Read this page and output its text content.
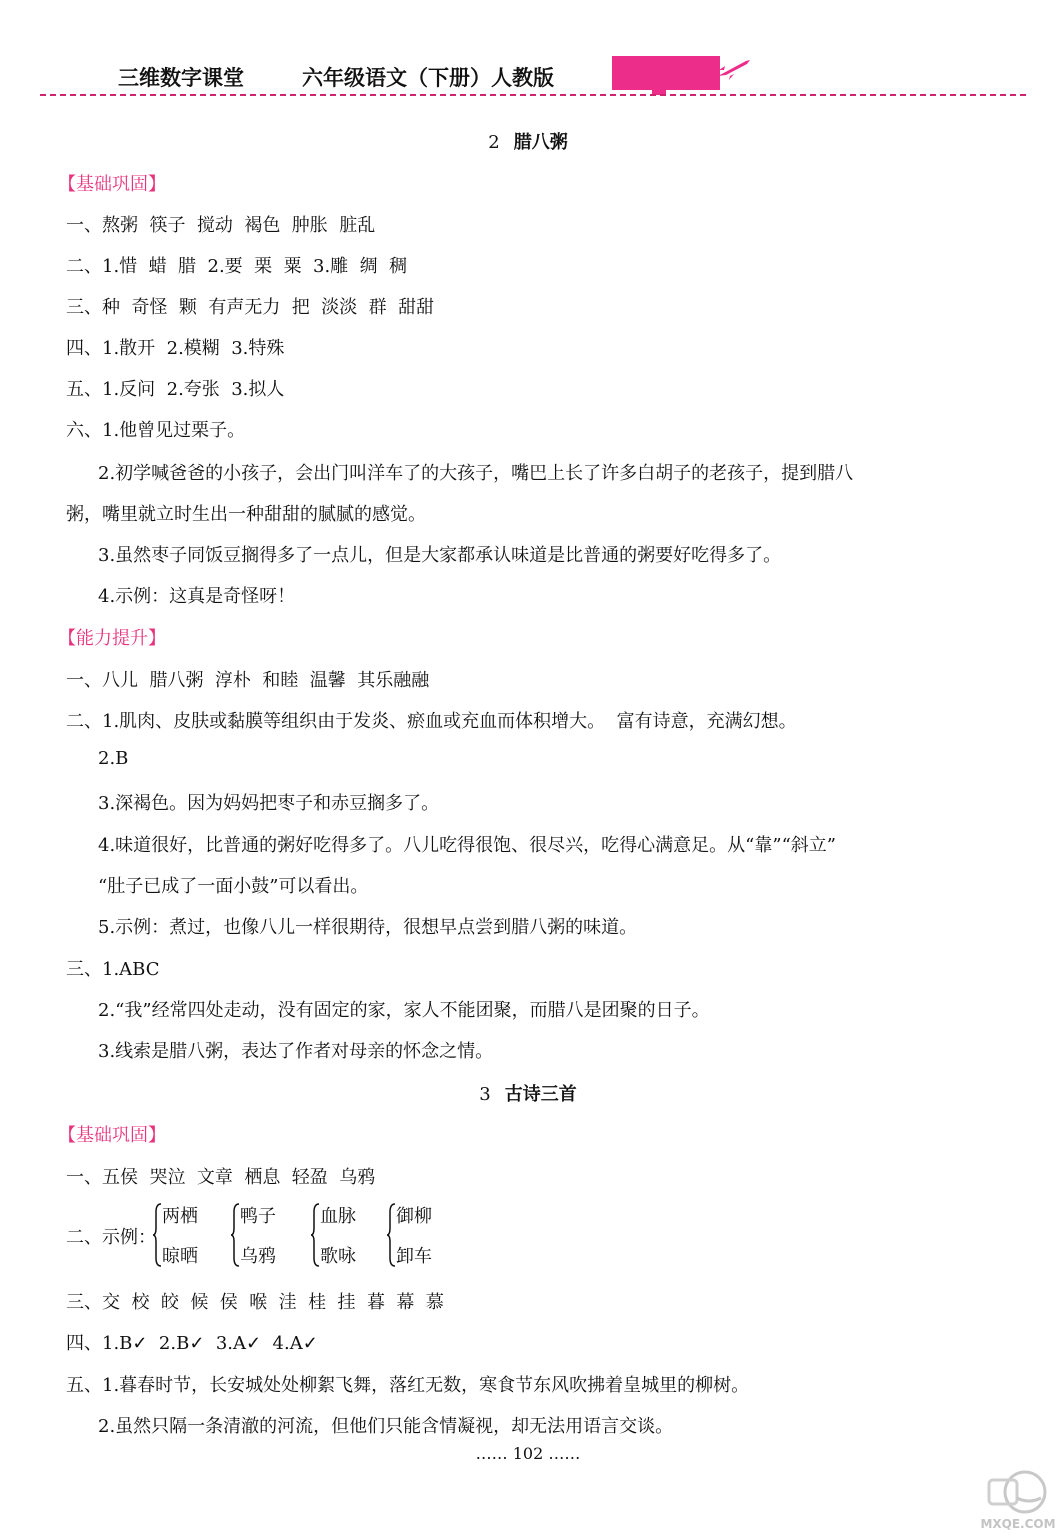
三维数字课堂	六年级语文（下册）人教版
2 腊八粥
【基础巩固】
一、熬粥  筷子  搅动  褐色  肿胀  脏乱
二、1.惜  蜡  腊  2.要  栗  粟  3.雕  绸  稠
三、种  奇怪  颗  有声无力  把  淡淡  群  甜甜
四、1.散开  2.模糊  3.特殊
五、1.反问  2.夸张  3.拟人
六、1.他曾见过栗子。
2.初学喊爸爸的小孩子，会出门叫洋车了的大孩子，嘴巴上长了许多白胡子的老孩子，提到腊八
粥，嘴里就立时生出一种甜甜的腻腻的感觉。
3.虽然枣子同饭豆搁得多了一点儿，但是大家都承认味道是比普通的粥要好吃得多了。
4.示例：这真是奇怪呀！
【能力提升】
一、八儿  腊八粥  淳朴  和睦  温馨  其乐融融
二、1.肌肉、皮肤或黏膜等组织由于发炎、瘀血或充血而体积增大。  富有诗意，充满幻想。
2.B
3.深褐色。因为妈妈把枣子和赤豆搁多了。
4.味道很好，比普通的粥好吃得多了。八儿吃得很饱、很尽兴，吃得心满意足。从“靠”“斜立”
“肚子已成了一面小鼓”可以看出。
5.示例：煮过，也像八儿一样很期待，很想早点尝到腊八粥的味道。
三、1.ABC
2.“我”经常四处走动，没有固定的家，家人不能团聚，而腊八是团聚的日子。
3.线索是腊八粥，表达了作者对母亲的怀念之情。
3 古诗三首
【基础巩固】
一、五侯  哭泣  文章  栖息  轻盈  乌鸦
二、示例：
两栖
晾晒
鸭子
乌鸦
血脉
歌咏
御柳
卸车
三、交  校  皎  候  侯  喉  洼  桂  挂  暮  幕  慕
四、1.B✓  2.B✓  3.A✓  4.A✓
五、1.暮春时节，长安城处处柳絮飞舞，落红无数，寒食节东风吹拂着皇城里的柳树。
2.虽然只隔一条清澈的河流，但他们只能含情凝视，却无法用语言交谈。
…… 102 ……
MXQE.COM
